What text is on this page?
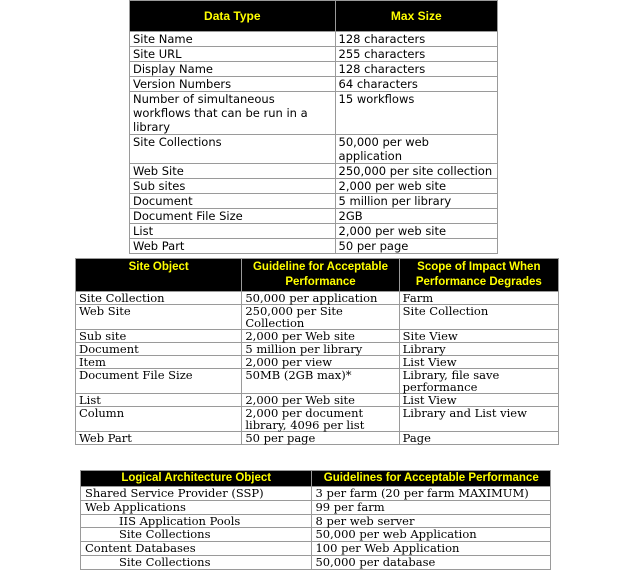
Data Type	Max Size
Site Name	128 characters
Site URL	255 characters
Display Name	128 characters
Version Numbers	64 characters
Number of simultaneous workflows that can be run in a library	15 workflows
Site Collections	50,000 per web application
Web Site	250,000 per site collection
Sub sites	2,000 per web site
Document	5 million per library
Document File Size	2GB
List	2,000 per web site
Web Part	50 per page
Site Object	Guideline for Acceptable Performance	Scope of Impact When Performance Degrades
Site Collection	50,000 per application	Farm
Web Site	250,000 per Site Collection	Site Collection
Sub site	2,000 per Web site	Site View
Document	5 million per library	Library
Item	2,000 per view	List View
Document File Size	50MB (2GB max)*	Library, file save performance
List	2,000 per Web site	List View
Column	2,000 per document library, 4096 per list	Library and List view
Web Part	50 per page	Page
Logical Architecture Object	Guidelines for Acceptable Performance
Shared Service Provider (SSP)	3 per farm (20 per farm MAXIMUM)
Web Applications	99 per farm
IIS Application Pools	8 per web server
Site Collections	50,000 per web Application
Content Databases	100 per Web Application
Site Collections	50,000 per database
